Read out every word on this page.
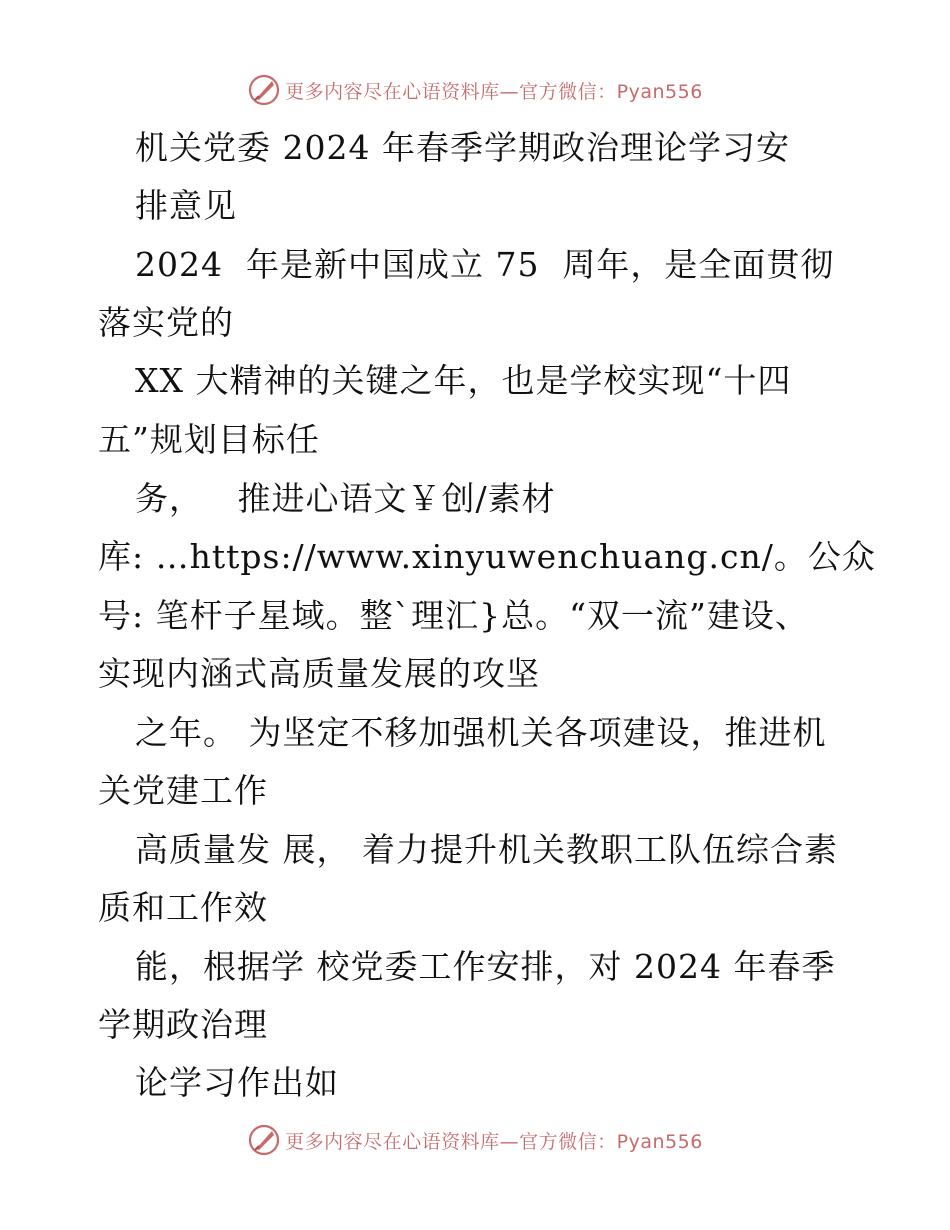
更多内容尽在心语资料库—官方微信：Pyan556
机关党委 2024 年春季学期政治理论学习安
排意见
2024  年是新中国成立 75  周年，是全面贯彻
落实党的
XX 大精神的关键之年，也是学校实现“十四
五”规划目标任
务，   推进心语文￥创/素材
库: …https://www.xinyuwenchuang.cn/。公众
号: 笔杆子星域。整`理汇}总。“双一流”建设、
实现内涵式高质量发展的攻坚
之年。 为坚定不移加强机关各项建设，推进机
关党建工作
高质量发 展， 着力提升机关教职工队伍综合素
质和工作效
能，根据学 校党委工作安排，对 2024 年春季
学期政治理
论学习作出如
更多内容尽在心语资料库—官方微信：Pyan556
